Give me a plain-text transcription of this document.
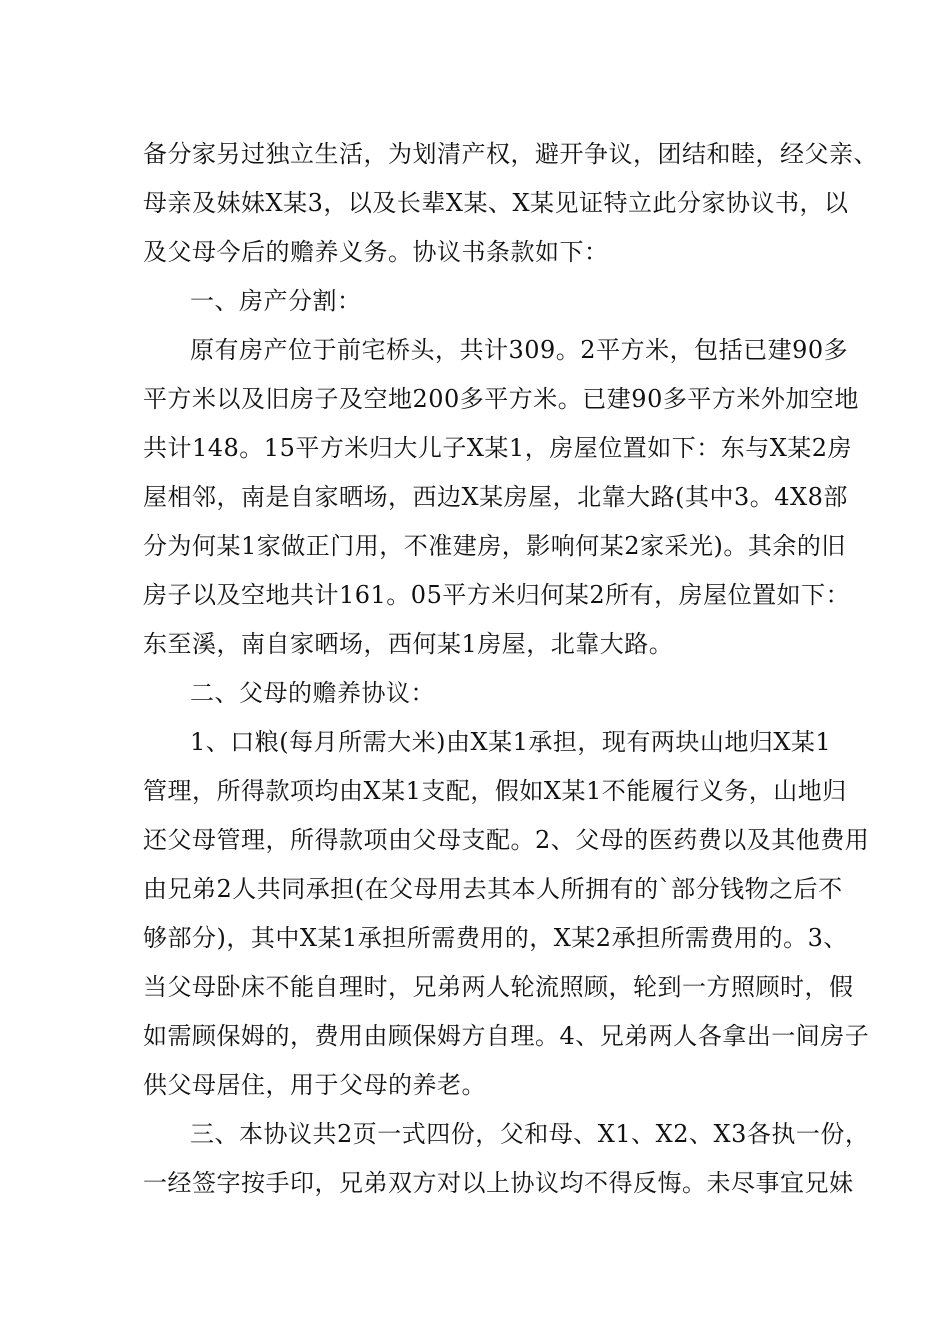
备分家另过独立生活，为划清产权，避开争议，团结和睦，经父亲、
母亲及妹妹X某3，以及长辈X某、X某见证特立此分家协议书，以
及父母今后的赡养义务。协议书条款如下：
一、房产分割：
原有房产位于前宅桥头，共计309。2平方米，包括已建90多
平方米以及旧房子及空地200多平方米。已建90多平方米外加空地
共计148。15平方米归大儿子X某1，房屋位置如下：东与X某2房
屋相邻，南是自家晒场，西边X某房屋，北靠大路(其中3。4X8部
分为何某1家做正门用，不准建房，影响何某2家采光)。其余的旧
房子以及空地共计161。05平方米归何某2所有，房屋位置如下：
东至溪，南自家晒场，西何某1房屋，北靠大路。
二、父母的赡养协议：
1、口粮(每月所需大米)由X某1承担，现有两块山地归X某1
管理，所得款项均由X某1支配，假如X某1不能履行义务，山地归
还父母管理，所得款项由父母支配。2、父母的医药费以及其他费用
由兄弟2人共同承担(在父母用去其本人所拥有的`部分钱物之后不
够部分)，其中X某1承担所需费用的，X某2承担所需费用的。3、
当父母卧床不能自理时，兄弟两人轮流照顾，轮到一方照顾时，假
如需顾保姆的，费用由顾保姆方自理。4、兄弟两人各拿出一间房子
供父母居住，用于父母的养老。
三、本协议共2页一式四份，父和母、X1、X2、X3各执一份，
一经签字按手印，兄弟双方对以上协议均不得反悔。未尽事宜兄妹
